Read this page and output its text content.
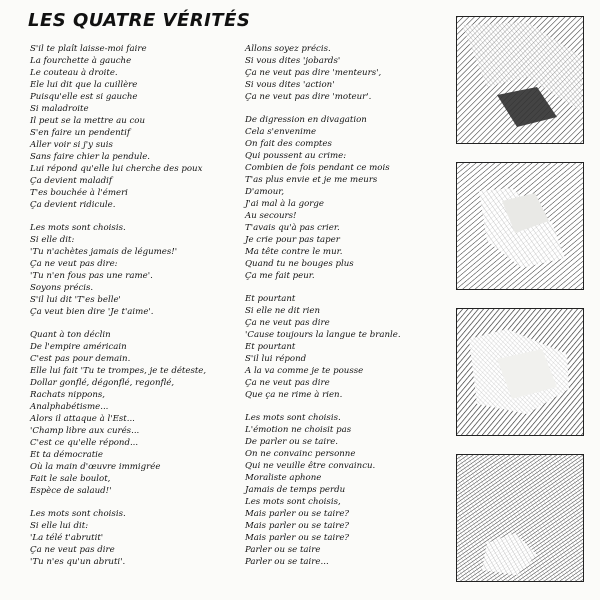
LES QUATRE VÉRITÉS
S'il te plaît laisse-moi faire
La fourchette à gauche
Le couteau à droite.
Ele lui dit que la cuillère
Puisqu'elle est si gauche
Si maladroite
Il peut se la mettre au cou
S'en faire un pendentif
Aller voir si j'y suis
Sans faire chier la pendule.
Lui répond qu'elle lui cherche des poux
Ça devient maladif
T'es bouchée à l'émeri
Ça devient ridicule.
Les mots sont choisis.
Si elle dit:
'Tu n'achètes jamais de légumes!'
Ça ne veut pas dire:
'Tu n'en fous pas une rame'.
Soyons précis.
S'il lui dit 'T'es belle'
Ça veut bien dire 'Je t'aime'.
Quant à ton déclin
De l'empire américain
C'est pas pour demain.
Elle lui fait 'Tu te trompes, je te déteste,
Dollar gonflé, dégonflé, regonflé,
Rachats nippons,
Analphabétisme...
Alors il attaque à l'Est...
'Champ libre aux curés...
C'est ce qu'elle répond...
Et ta démocratie
Où la main d'œuvre immigrée
Fait le sale boulot,
Espèce de salaud!'
Les mots sont choisis.
Si elle lui dit:
'La télé t'abrutit'
Ça ne veut pas dire
'Tu n'es qu'un abruti'.
Allons soyez précis.
Si vous dites 'jobards'
Ça ne veut pas dire 'menteurs',
Si vous dites 'action'
Ça ne veut pas dire 'moteur'.
De digression en divagation
Cela s'envenime
On fait des comptes
Qui poussent au crime:
Combien de fois pendant ce mois
T'as plus envie et je me meurs
D'amour,
J'ai mal à la gorge
Au secours!
T'avais qu'à pas crier.
Je crie pour pas taper
Ma tête contre le mur.
Quand tu ne bouges plus
Ça me fait peur.
Et pourtant
Si elle ne dit rien
Ça ne veut pas dire
'Cause toujours la langue te branle.
Et pourtant
S'il lui répond
A la va comme je te pousse
Ça ne veut pas dire
Que ça ne rime à rien.
Les mots sont choisis.
L'émotion ne choisit pas
De parler ou se taire.
On ne convainc personne
Qui ne veuille être convaincu.
Moraliste aphone
Jamais de temps perdu
Les mots sont choisis,
Mais parler ou se taire?
Mais parler ou se taire?
Mais parler ou se taire?
Parler ou se taire
Parler ou se taire...
